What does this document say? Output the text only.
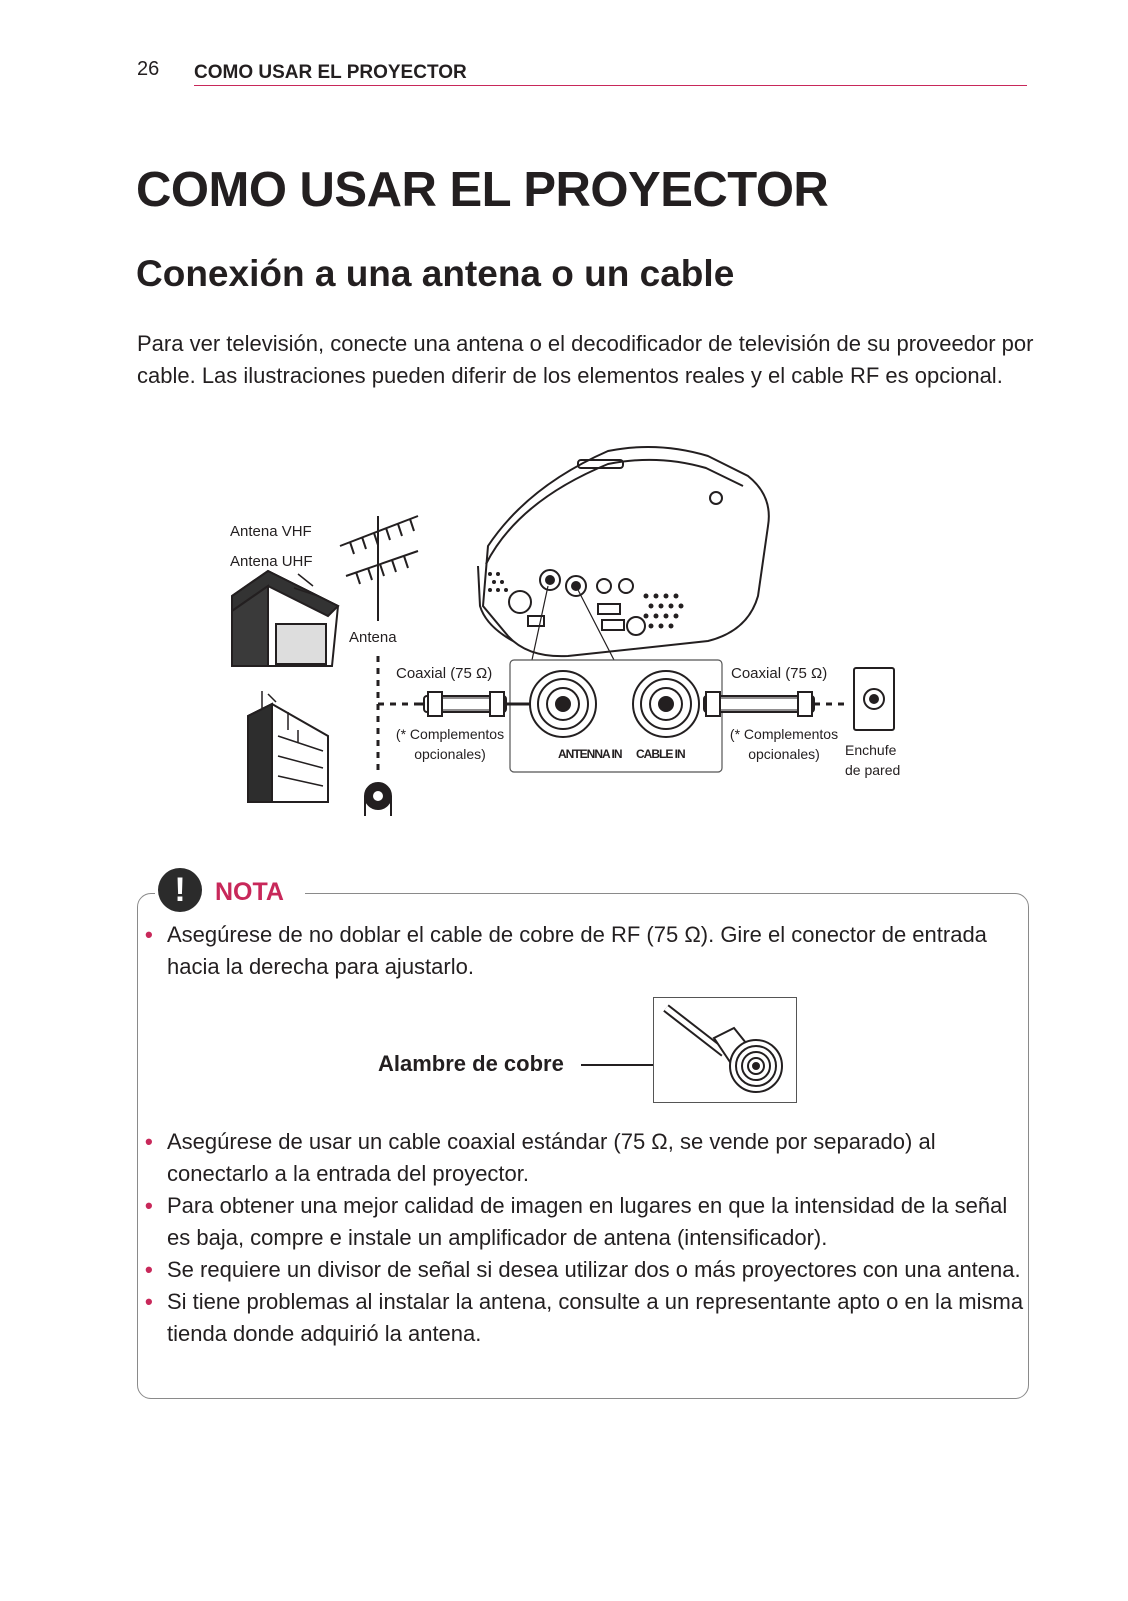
26 COMO USAR EL PROYECTOR
COMO USAR EL PROYECTOR
Conexión a una antena o un cable

Para ver televisión, conecte una antena o el decodificador de televisión de su proveedor por cable. Las ilustraciones pueden diferir de los elementos reales y el cable RF es opcional.

Antena VHF
Antena UHF
Antena
Coaxial (75 Ω)	Coaxial (75 Ω)
(* Complementos
opcionales)
(* Complementos
opcionales)
ANTENNA IN CABLE IN	Enchufe
de pared
!	NOTA
• Asegúrese de no doblar el cable de cobre de RF (75 Ω). Gire el conector de entrada hacia la derecha para ajustarlo.
Alambre de cobre
• Asegúrese de usar un cable coaxial estándar (75 Ω, se vende por separado) al conectarlo a la entrada del proyector.
• Para obtener una mejor calidad de imagen en lugares en que la intensidad de la señal es baja, compre e instale un amplificador de antena (intensificador).
• Se requiere un divisor de señal si desea utilizar dos o más proyectores con una antena.
• Si tiene problemas al instalar la antena, consulte a un representante apto o en la misma tienda donde adquirió la antena.
